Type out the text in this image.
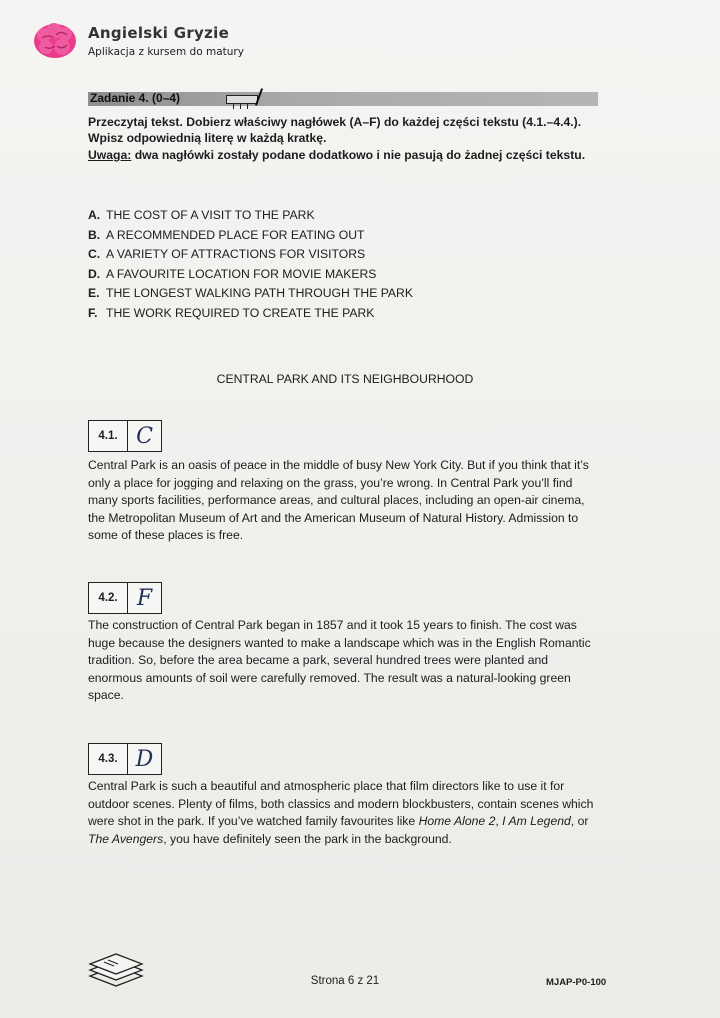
Angielski Gryzie
Aplikacja z kursem do matury
Zadanie 4. (0–4)
Przeczytaj tekst. Dobierz właściwy nagłówek (A–F) do każdej części tekstu (4.1.–4.4.). Wpisz odpowiednią literę w każdą kratkę.
Uwaga: dwa nagłówki zostały podane dodatkowo i nie pasują do żadnej części tekstu.
A. THE COST OF A VISIT TO THE PARK
B. A RECOMMENDED PLACE FOR EATING OUT
C. A VARIETY OF ATTRACTIONS FOR VISITORS
D. A FAVOURITE LOCATION FOR MOVIE MAKERS
E. THE LONGEST WALKING PATH THROUGH THE PARK
F. THE WORK REQUIRED TO CREATE THE PARK
CENTRAL PARK AND ITS NEIGHBOURHOOD
4.1. C
Central Park is an oasis of peace in the middle of busy New York City. But if you think that it’s only a place for jogging and relaxing on the grass, you’re wrong. In Central Park you’ll find many sports facilities, performance areas, and cultural places, including an open-air cinema, the Metropolitan Museum of Art and the American Museum of Natural History. Admission to some of these places is free.
4.2. F
The construction of Central Park began in 1857 and it took 15 years to finish. The cost was huge because the designers wanted to make a landscape which was in the English Romantic tradition. So, before the area became a park, several hundred trees were planted and enormous amounts of soil were carefully removed. The result was a natural-looking green space.
4.3. D
Central Park is such a beautiful and atmospheric place that film directors like to use it for outdoor scenes. Plenty of films, both classics and modern blockbusters, contain scenes which were shot in the park. If you’ve watched family favourites like Home Alone 2, I Am Legend, or The Avengers, you have definitely seen the park in the background.
Strona 6 z 21	MJAP-P0-100
